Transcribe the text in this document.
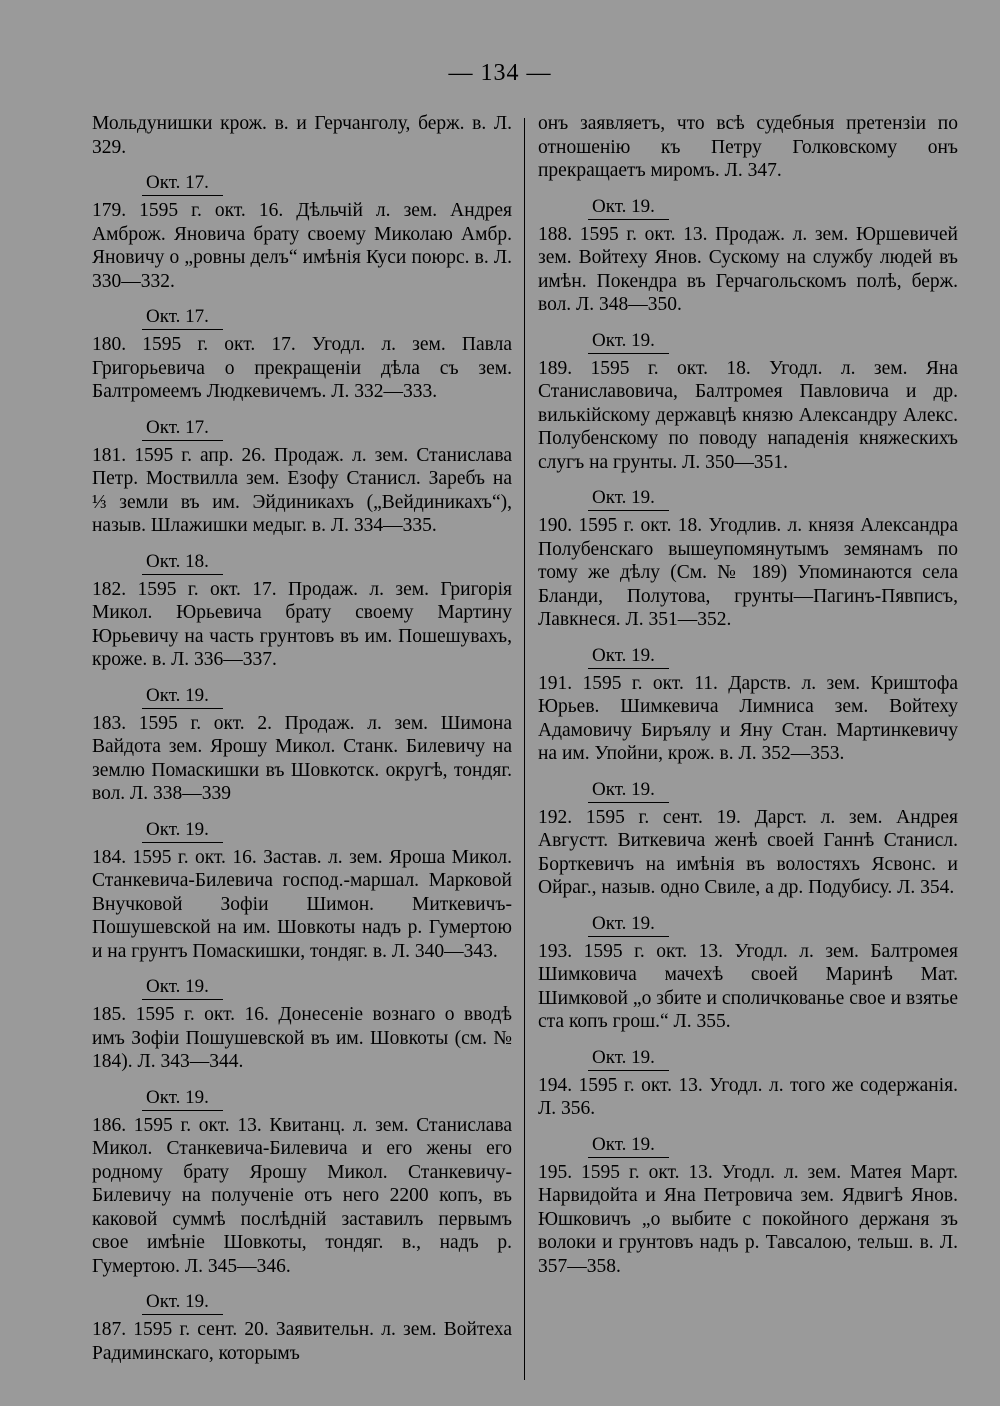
— 134 —
Мольдунишки крож. в. и Герчанголу, берж. в. Л. 329.
Окт. 17.
179. 1595 г. окт. 16. Дѣльчій л. зем. Андрея Амброж. Яновича брату своему Миколаю Амбр. Яновичу о „ровны делъ“ имѣнія Куси поюрс. в. Л. 330—332.
Окт. 17.
180. 1595 г. окт. 17. Угодл. л. зем. Павла Григорьевича о прекращеніи дѣла съ зем. Балтромеемъ Людкевичемъ. Л. 332—333.
Окт. 17.
181. 1595 г. апр. 26. Продаж. л. зем. Станислава Петр. Моствилла зем. Езофу Станисл. Заребъ на ⅓ земли въ им. Эйдиникахъ („Вейдиникахъ“), назыв. Шлажишки медыг. в. Л. 334—335.
Окт. 18.
182. 1595 г. окт. 17. Продаж. л. зем. Григорія Микол. Юрьевича брату своему Мартину Юрьевичу на часть грунтовъ въ им. Пошешувахъ, кроже. в. Л. 336—337.
Окт. 19.
183. 1595 г. окт. 2. Продаж. л. зем. Шимона Вайдота зем. Ярошу Микол. Станк. Билевичу на землю Помаскишки въ Шовкотск. округѣ, тондяг. вол. Л. 338—339
Окт. 19.
184. 1595 г. окт. 16. Застав. л. зем. Ярошa Микол. Станкевича-Билевича господ.-маршал. Марковой Внучковой Зофіи Шимон. Миткевичъ-Пошушевской на им. Шовкоты надъ р. Гумертою и на грунтъ Помаскишки, тондяг. в. Л. 340—343.
Окт. 19.
185. 1595 г. окт. 16. Донесеніе вознаго о вводѣ имъ Зофіи Пошушевской въ им. Шовкоты (см. № 184). Л. 343—344.
Окт. 19.
186. 1595 г. окт. 13. Квитанц. л. зем. Станислава Микол. Станкевича-Билевича и его жены его родному брату Ярошу Микол. Станкевичу-Билевичу на полученіе отъ него 2200 копъ, въ каковой суммѣ послѣдній заставилъ первымъ свое имѣніе Шовкоты, тондяг. в., надъ р. Гумертою. Л. 345—346.
Окт. 19.
187. 1595 г. сент. 20. Заявительн. л. зем. Войтеха Радиминскаго, которымъ
онъ заявляетъ, что всѣ судебныя претензіи по отношенію къ Петру Голковскому онъ прекращаетъ миромъ. Л. 347.
Окт. 19.
188. 1595 г. окт. 13. Продаж. л. зем. Юршевичей зем. Войтеху Янов. Сускому на службу людей въ имѣн. Покендра въ Герчагольскомъ полѣ, берж. вол. Л. 348—350.
Окт. 19.
189. 1595 г. окт. 18. Угодл. л. зем. Яна Станиславовича, Балтромея Павловича и др. вилькійскому державцѣ князю Александру Алекс. Полубенскому по поводу нападенія княжескихъ слугъ на грунты. Л. 350—351.
Окт. 19.
190. 1595 г. окт. 18. Угодлив. л. князя Александра Полубенскаго вышеупомянутымъ земянамъ по тому же дѣлу (См. № 189) Упоминаются села Бланди, Полутова, грунты—Пагинъ-Пявписъ, Лавкнеся. Л. 351—352.
Окт. 19.
191. 1595 г. окт. 11. Дарств. л. зем. Криштофа Юрьев. Шимкевича Лимниса зем. Войтеху Адамовичу Биръялу и Яну Стан. Мартинкевичу на им. Упойни, крож. в. Л. 352—353.
Окт. 19.
192. 1595 г. сент. 19. Дарст. л. зем. Андрея Августт. Виткевича женѣ своей Ганнѣ Станисл. Борткевичъ на имѣнія въ волостяхъ Ясвонс. и Ойраг., назыв. одно Свиле, а др. Подубису. Л. 354.
Окт. 19.
193. 1595 г. окт. 13. Угодл. л. зем. Балтромея Шимковича мачехѣ своей Маринѣ Мат. Шимковой „о збите и споличкованье свое и взятье ста копъ грош.“ Л. 355.
Окт. 19.
194. 1595 г. окт. 13. Угодл. л. того же содержанія. Л. 356.
Окт. 19.
195. 1595 г. окт. 13. Угодл. л. зем. Матея Март. Нарвидойта и Яна Петровича зем. Ядвигѣ Янов. Юшковичъ „о выбите с покойного держаня зъ волоки и грунтовъ надъ р. Тавсалою, тельш. в. Л. 357—358.
